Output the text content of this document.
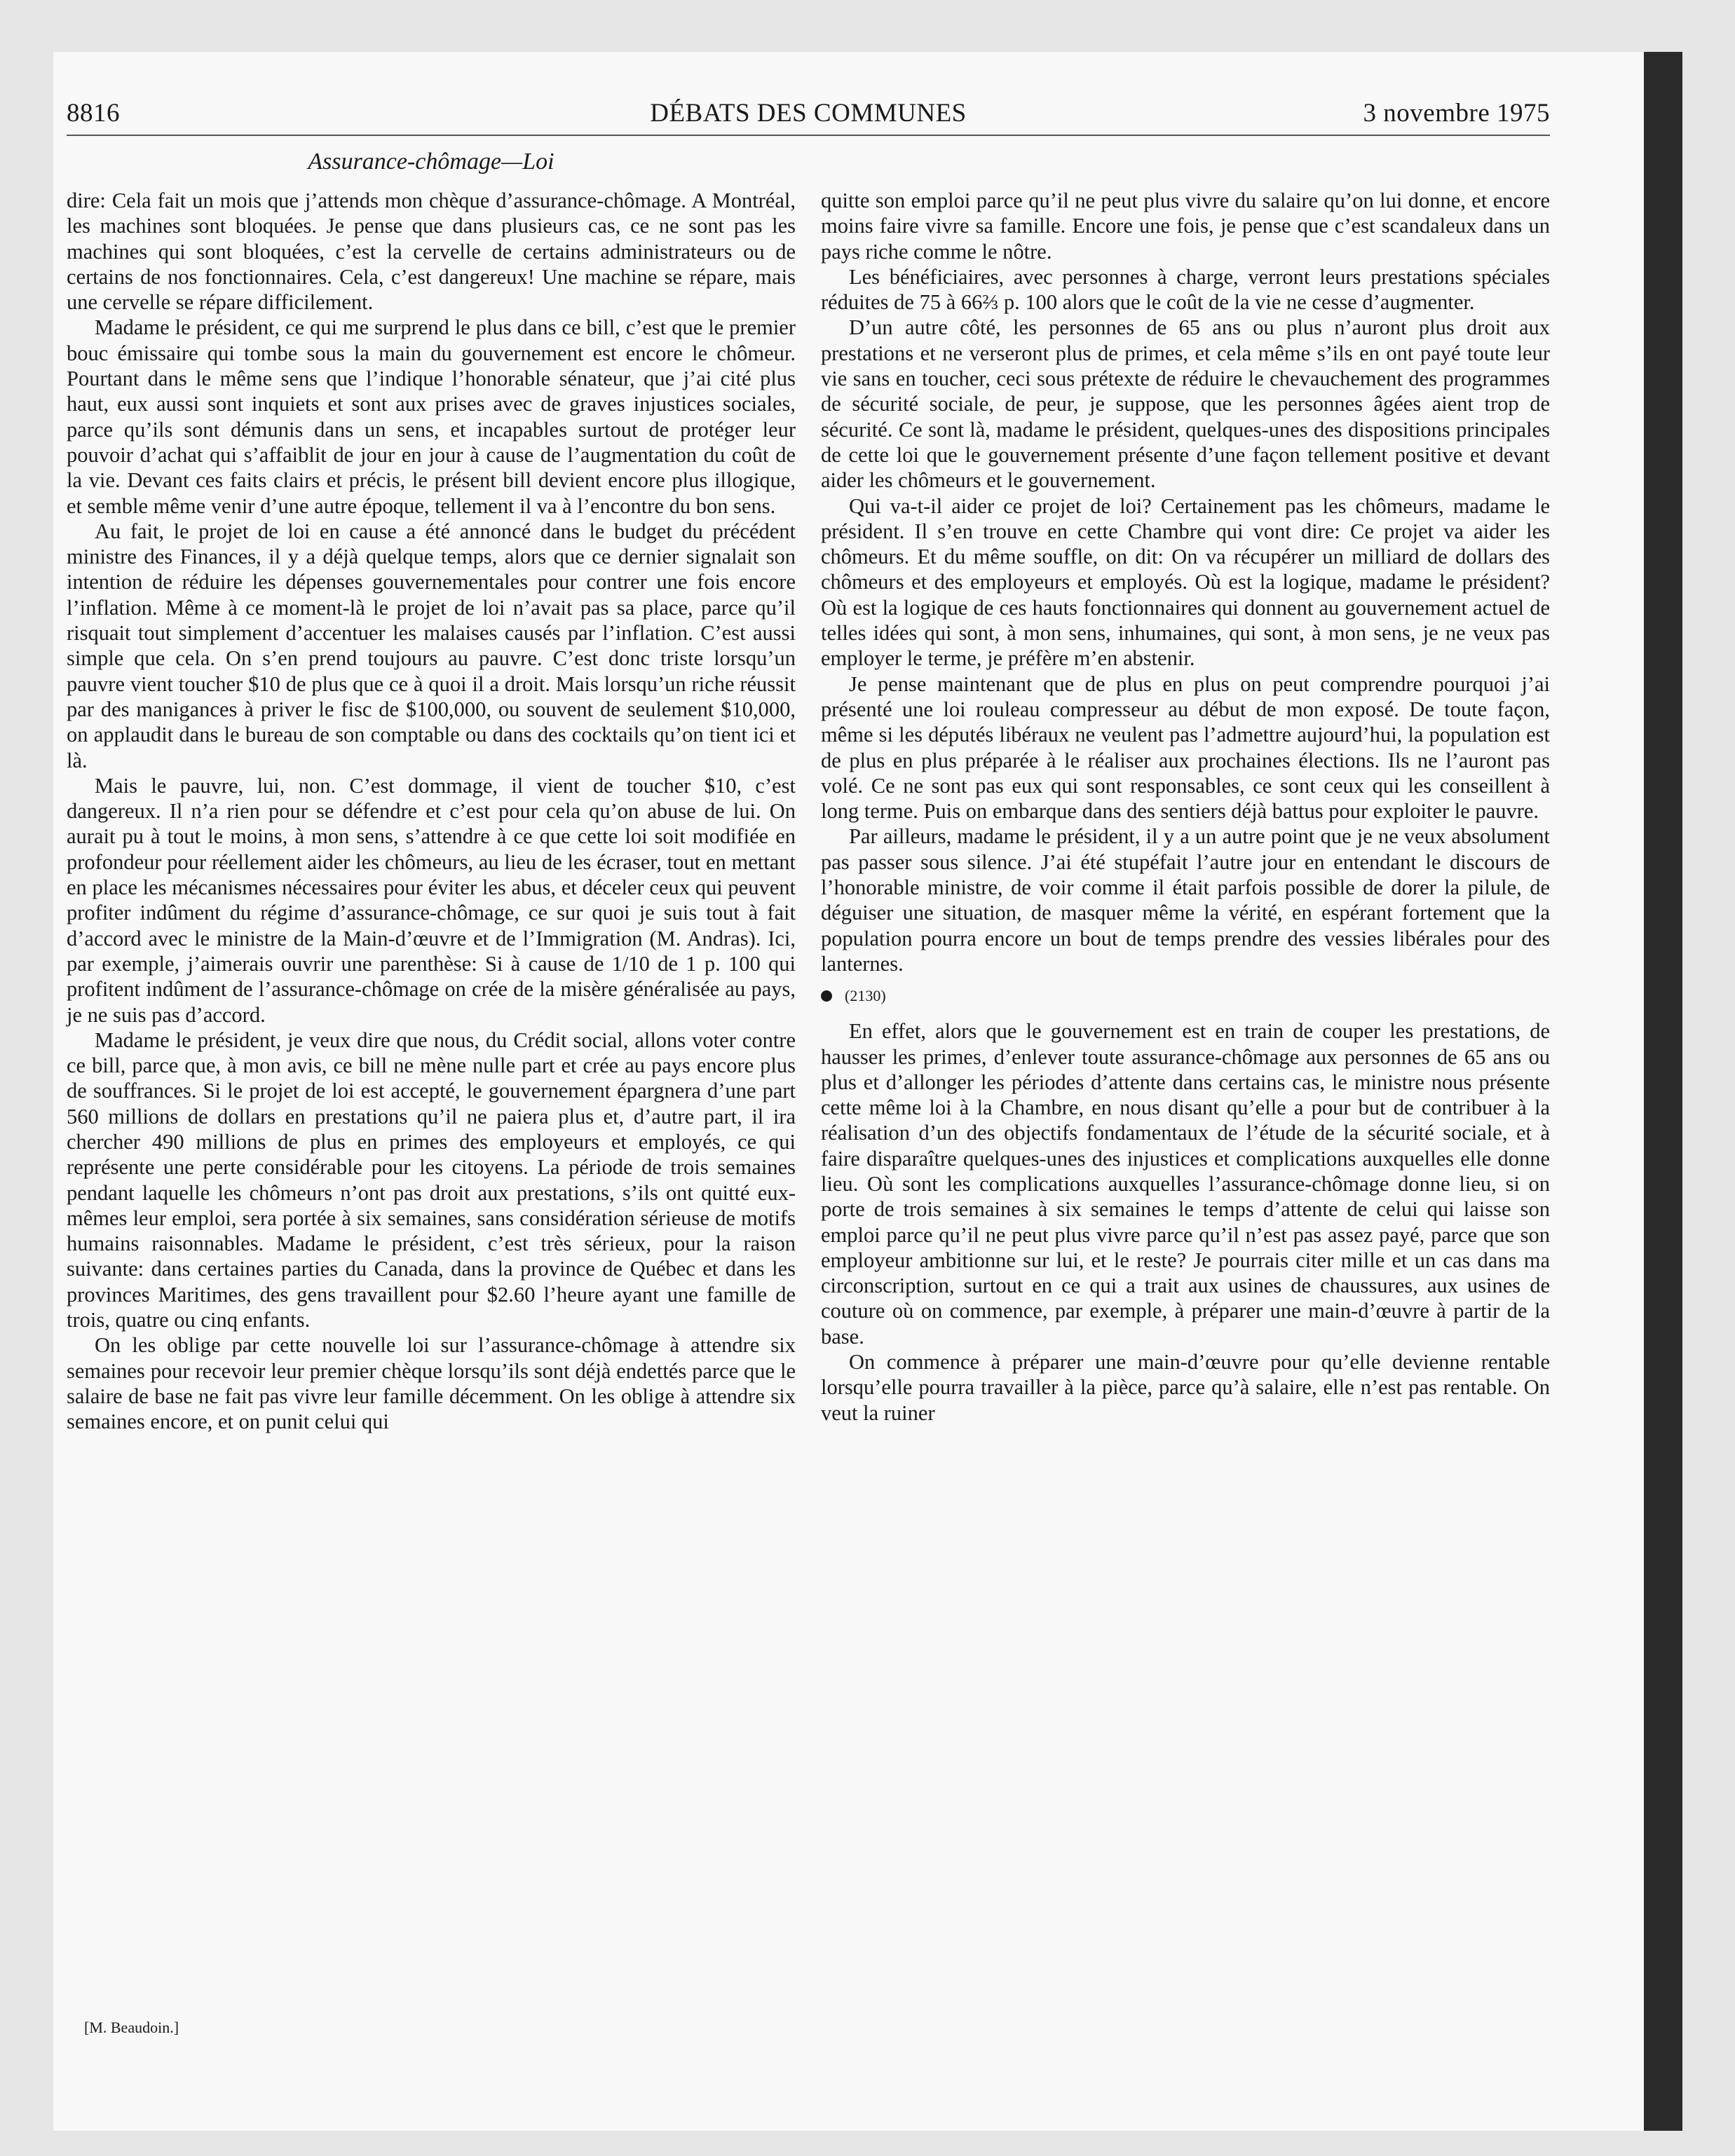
8816	DÉBATS DES COMMUNES	3 novembre 1975
Assurance-chômage—Loi

dire: Cela fait un mois que j’attends mon chèque d’assurance-chômage. A Montréal, les machines sont bloquées. Je pense que dans plusieurs cas, ce ne sont pas les machines qui sont bloquées, c’est la cervelle de certains administrateurs ou de certains de nos fonctionnaires. Cela, c’est dangereux! Une machine se répare, mais une cervelle se répare difficilement.

Madame le président, ce qui me surprend le plus dans ce bill, c’est que le premier bouc émissaire qui tombe sous la main du gouvernement est encore le chômeur. Pourtant dans le même sens que l’indique l’honorable sénateur, que j’ai cité plus haut, eux aussi sont inquiets et sont aux prises avec de graves injustices sociales, parce qu’ils sont démunis dans un sens, et incapables surtout de protéger leur pouvoir d’achat qui s’affaiblit de jour en jour à cause de l’augmentation du coût de la vie. Devant ces faits clairs et précis, le présent bill devient encore plus illogique, et semble même venir d’une autre époque, tellement il va à l’encontre du bon sens.

Au fait, le projet de loi en cause a été annoncé dans le budget du précédent ministre des Finances, il y a déjà quelque temps, alors que ce dernier signalait son intention de réduire les dépenses gouvernementales pour contrer une fois encore l’inflation. Même à ce moment-là le projet de loi n’avait pas sa place, parce qu’il risquait tout simplement d’accentuer les malaises causés par l’inflation. C’est aussi simple que cela. On s’en prend toujours au pauvre. C’est donc triste lorsqu’un pauvre vient toucher $10 de plus que ce à quoi il a droit. Mais lorsqu’un riche réussit par des manigances à priver le fisc de $100,000, ou souvent de seulement $10,000, on applaudit dans le bureau de son comptable ou dans des cocktails qu’on tient ici et là.

Mais le pauvre, lui, non. C’est dommage, il vient de toucher $10, c’est dangereux. Il n’a rien pour se défendre et c’est pour cela qu’on abuse de lui. On aurait pu à tout le moins, à mon sens, s’attendre à ce que cette loi soit modifiée en profondeur pour réellement aider les chômeurs, au lieu de les écraser, tout en mettant en place les mécanismes nécessaires pour éviter les abus, et déceler ceux qui peuvent profiter indûment du régime d’assurance-chômage, ce sur quoi je suis tout à fait d’accord avec le ministre de la Main-d’œuvre et de l’Immigration (M. Andras). Ici, par exemple, j’aimerais ouvrir une parenthèse: Si à cause de 1/10 de 1 p. 100 qui profitent indûment de l’assurance-chômage on crée de la misère généralisée au pays, je ne suis pas d’accord.

Madame le président, je veux dire que nous, du Crédit social, allons voter contre ce bill, parce que, à mon avis, ce bill ne mène nulle part et crée au pays encore plus de souffrances. Si le projet de loi est accepté, le gouvernement épargnera d’une part 560 millions de dollars en prestations qu’il ne paiera plus et, d’autre part, il ira chercher 490 millions de plus en primes des employeurs et employés, ce qui représente une perte considérable pour les citoyens. La période de trois semaines pendant laquelle les chômeurs n’ont pas droit aux prestations, s’ils ont quitté eux-mêmes leur emploi, sera portée à six semaines, sans considération sérieuse de motifs humains raisonnables. Madame le président, c’est très sérieux, pour la raison suivante: dans certaines parties du Canada, dans la province de Québec et dans les provinces Maritimes, des gens travaillent pour $2.60 l’heure ayant une famille de trois, quatre ou cinq enfants.

On les oblige par cette nouvelle loi sur l’assurance-chômage à attendre six semaines pour recevoir leur premier chèque lorsqu’ils sont déjà endettés parce que le salaire de base ne fait pas vivre leur famille décemment. On les oblige à attendre six semaines encore, et on punit celui qui

quitte son emploi parce qu’il ne peut plus vivre du salaire qu’on lui donne, et encore moins faire vivre sa famille. Encore une fois, je pense que c’est scandaleux dans un pays riche comme le nôtre.

Les bénéficiaires, avec personnes à charge, verront leurs prestations spéciales réduites de 75 à 66⅔ p. 100 alors que le coût de la vie ne cesse d’augmenter.

D’un autre côté, les personnes de 65 ans ou plus n’auront plus droit aux prestations et ne verseront plus de primes, et cela même s’ils en ont payé toute leur vie sans en toucher, ceci sous prétexte de réduire le chevauchement des programmes de sécurité sociale, de peur, je suppose, que les personnes âgées aient trop de sécurité. Ce sont là, madame le président, quelques-unes des dispositions principales de cette loi que le gouvernement présente d’une façon tellement positive et devant aider les chômeurs et le gouvernement.

Qui va-t-il aider ce projet de loi? Certainement pas les chômeurs, madame le président. Il s’en trouve en cette Chambre qui vont dire: Ce projet va aider les chômeurs. Et du même souffle, on dit: On va récupérer un milliard de dollars des chômeurs et des employeurs et employés. Où est la logique, madame le président? Où est la logique de ces hauts fonctionnaires qui donnent au gouvernement actuel de telles idées qui sont, à mon sens, inhumaines, qui sont, à mon sens, je ne veux pas employer le terme, je préfère m’en abstenir.

Je pense maintenant que de plus en plus on peut comprendre pourquoi j’ai présenté une loi rouleau compresseur au début de mon exposé. De toute façon, même si les députés libéraux ne veulent pas l’admettre aujourd’hui, la population est de plus en plus préparée à le réaliser aux prochaines élections. Ils ne l’auront pas volé. Ce ne sont pas eux qui sont responsables, ce sont ceux qui les conseillent à long terme. Puis on embarque dans des sentiers déjà battus pour exploiter le pauvre.

Par ailleurs, madame le président, il y a un autre point que je ne veux absolument pas passer sous silence. J’ai été stupéfait l’autre jour en entendant le discours de l’honorable ministre, de voir comme il était parfois possible de dorer la pilule, de déguiser une situation, de masquer même la vérité, en espérant fortement que la population pourra encore un bout de temps prendre des vessies libérales pour des lanternes.

(2130)

En effet, alors que le gouvernement est en train de couper les prestations, de hausser les primes, d’enlever toute assurance-chômage aux personnes de 65 ans ou plus et d’allonger les périodes d’attente dans certains cas, le ministre nous présente cette même loi à la Chambre, en nous disant qu’elle a pour but de contribuer à la réalisation d’un des objectifs fondamentaux de l’étude de la sécurité sociale, et à faire disparaître quelques-unes des injustices et complications auxquelles elle donne lieu. Où sont les complications auxquelles l’assurance-chômage donne lieu, si on porte de trois semaines à six semaines le temps d’attente de celui qui laisse son emploi parce qu’il ne peut plus vivre parce qu’il n’est pas assez payé, parce que son employeur ambitionne sur lui, et le reste? Je pourrais citer mille et un cas dans ma circonscription, surtout en ce qui a trait aux usines de chaussures, aux usines de couture où on commence, par exemple, à préparer une main-d’œuvre à partir de la base.

On commence à préparer une main-d’œuvre pour qu’elle devienne rentable lorsqu’elle pourra travailler à la pièce, parce qu’à salaire, elle n’est pas rentable. On veut la ruiner

[M. Beaudoin.]
